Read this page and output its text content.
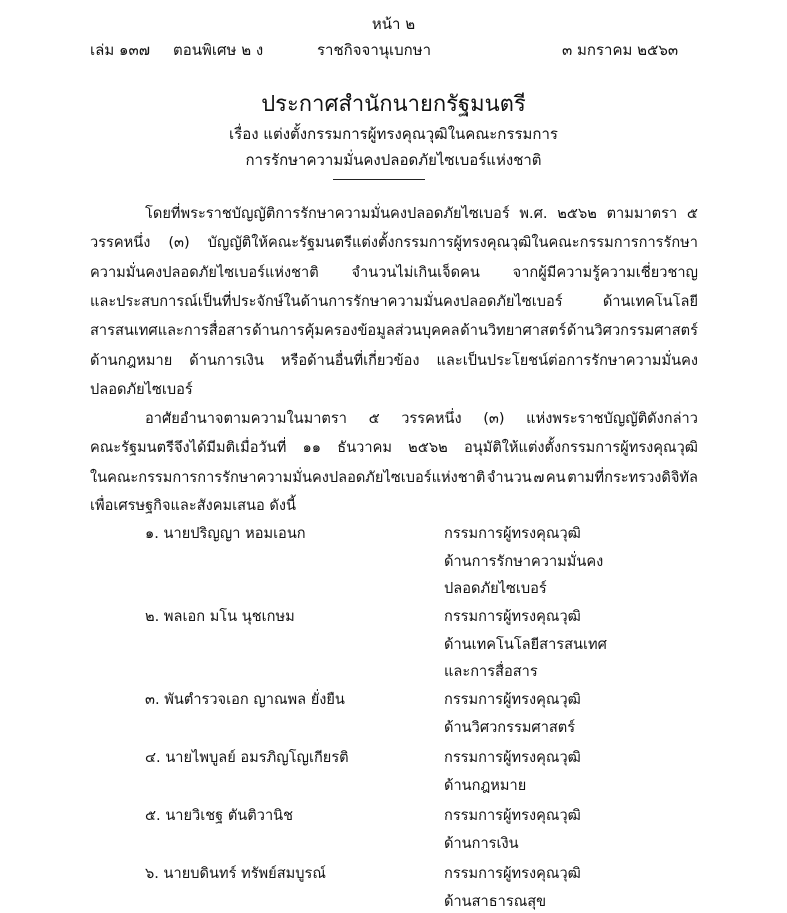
หน้า ๒
เล่ม ๑๓๗ ตอนพิเศษ ๒ ง	ราชกิจจานุเบกษา	๓ มกราคม ๒๕๖๓
ประกาศสำนักนายกรัฐมนตรี
เรื่อง แต่งตั้งกรรมการผู้ทรงคุณวุฒิในคณะกรรมการ
การรักษาความมั่นคงปลอดภัยไซเบอร์แห่งชาติ
โดยที่พระราชบัญญัติการรักษาความมั่นคงปลอดภัยไซเบอร์ พ.ศ. ๒๕๖๒ ตามมาตรา ๕
วรรคหนึ่ง (๓) บัญญัติให้คณะรัฐมนตรีแต่งตั้งกรรมการผู้ทรงคุณวุฒิในคณะกรรมการการรักษา
ความมั่นคงปลอดภัยไซเบอร์แห่งชาติ จำนวนไม่เกินเจ็ดคน จากผู้มีความรู้ความเชี่ยวชาญ
และประสบการณ์เป็นที่ประจักษ์ในด้านการรักษาความมั่นคงปลอดภัยไซเบอร์	ด้านเทคโนโลยี
สารสนเทศและการสื่อสาร ด้านการคุ้มครองข้อมูลส่วนบุคคล ด้านวิทยาศาสตร์ ด้านวิศวกรรมศาสตร์
ด้านกฎหมาย ด้านการเงิน หรือด้านอื่นที่เกี่ยวข้อง และเป็นประโยชน์ต่อการรักษาความมั่นคง
ปลอดภัยไซเบอร์
อาศัยอำนาจตามความในมาตรา ๕ วรรคหนึ่ง (๓) แห่งพระราชบัญญัติดังกล่าว
คณะรัฐมนตรีจึงได้มีมติเมื่อวันที่ ๑๑ ธันวาคม ๒๕๖๒ อนุมัติให้แต่งตั้งกรรมการผู้ทรงคุณวุฒิ
ในคณะกรรมการการรักษาความมั่นคงปลอดภัยไซเบอร์แห่งชาติ จำนวน ๗ คน ตามที่กระทรวงดิจิทัล
เพื่อเศรษฐกิจและสังคมเสนอ ดังนี้
๑. นายปริญญา หอมเอนก	กรรมการผู้ทรงคุณวุฒิ
ด้านการรักษาความมั่นคง
ปลอดภัยไซเบอร์
๒. พลเอก มโน นุชเกษม	กรรมการผู้ทรงคุณวุฒิ
ด้านเทคโนโลยีสารสนเทศ
และการสื่อสาร
๓. พันตำรวจเอก ญาณพล ยั่งยืน	กรรมการผู้ทรงคุณวุฒิ
ด้านวิศวกรรมศาสตร์
๔. นายไพบูลย์ อมรภิญโญเกียรติ	กรรมการผู้ทรงคุณวุฒิ
ด้านกฎหมาย
๕. นายวิเชฐ ตันติวานิช	กรรมการผู้ทรงคุณวุฒิ
ด้านการเงิน
๖. นายบดินทร์ ทรัพย์สมบูรณ์	กรรมการผู้ทรงคุณวุฒิ
ด้านสาธารณสุข
